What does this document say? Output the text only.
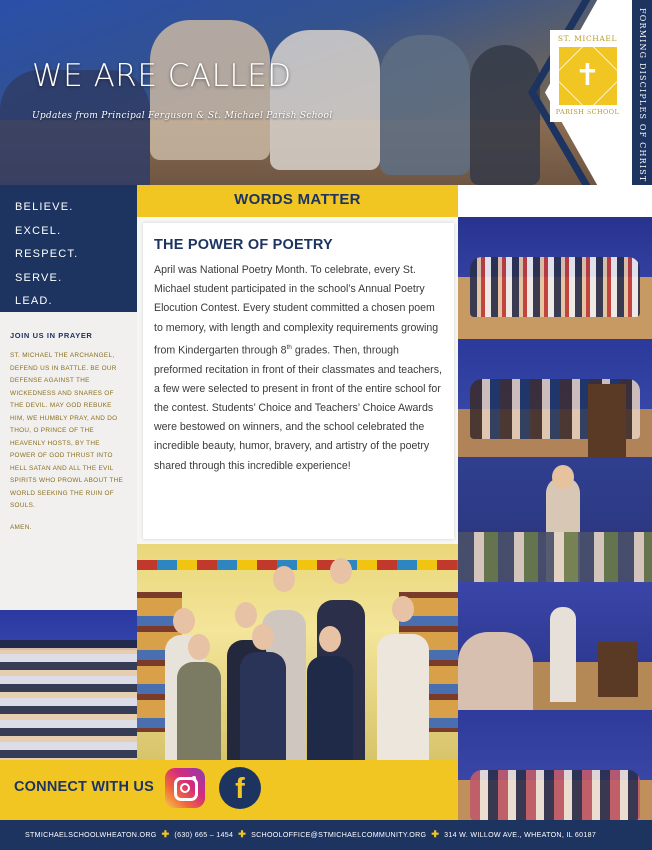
WE ARE CALLED
Updates from Principal Ferguson & St. Michael Parish School
ST. MICHAEL
✝
PARISH SCHOOL	FORMING DISCIPLES OF CHRIST
BELIEVE.
EXCEL.
RESPECT.
SERVE.
LEAD.
JOIN US IN PRAYER
ST. MICHAEL THE ARCHANGEL, DEFEND US IN BATTLE. BE OUR DEFENSE AGAINST THE WICKEDNESS AND SNARES OF THE DEVIL. MAY GOD REBUKE HIM, WE HUMBLY PRAY, AND DO THOU, O PRINCE OF THE HEAVENLY HOSTS, BY THE POWER OF GOD THRUST INTO HELL SATAN AND ALL THE EVIL SPIRITS WHO PROWL ABOUT THE WORLD SEEKING THE RUIN OF SOULS.
AMEN.
WORDS MATTER
THE POWER OF POETRY

April was National Poetry Month. To celebrate, every St. Michael student participated in the school’s Annual Poetry Elocution Contest. Every student committed a chosen poem to memory, with length and complexity requirements growing from Kindergarten through 8th grades. Then, through preformed recitation in front of their classmates and teachers, a few were selected to present in front of the entire school for the contest. Students’ Choice and Teachers’ Choice Awards were bestowed on winners, and the school celebrated the incredible beauty, humor, bravery, and artistry of the poetry shared through this incredible experience!

CONNECT WITH US	f
STMICHAELSCHOOLWHEATON.ORG ✚ (630) 665 – 1454 ✚ SCHOOLOFFICE@STMICHAELCOMMUNITY.ORG ✚ 314 W. WILLOW AVE., WHEATON, IL 60187
